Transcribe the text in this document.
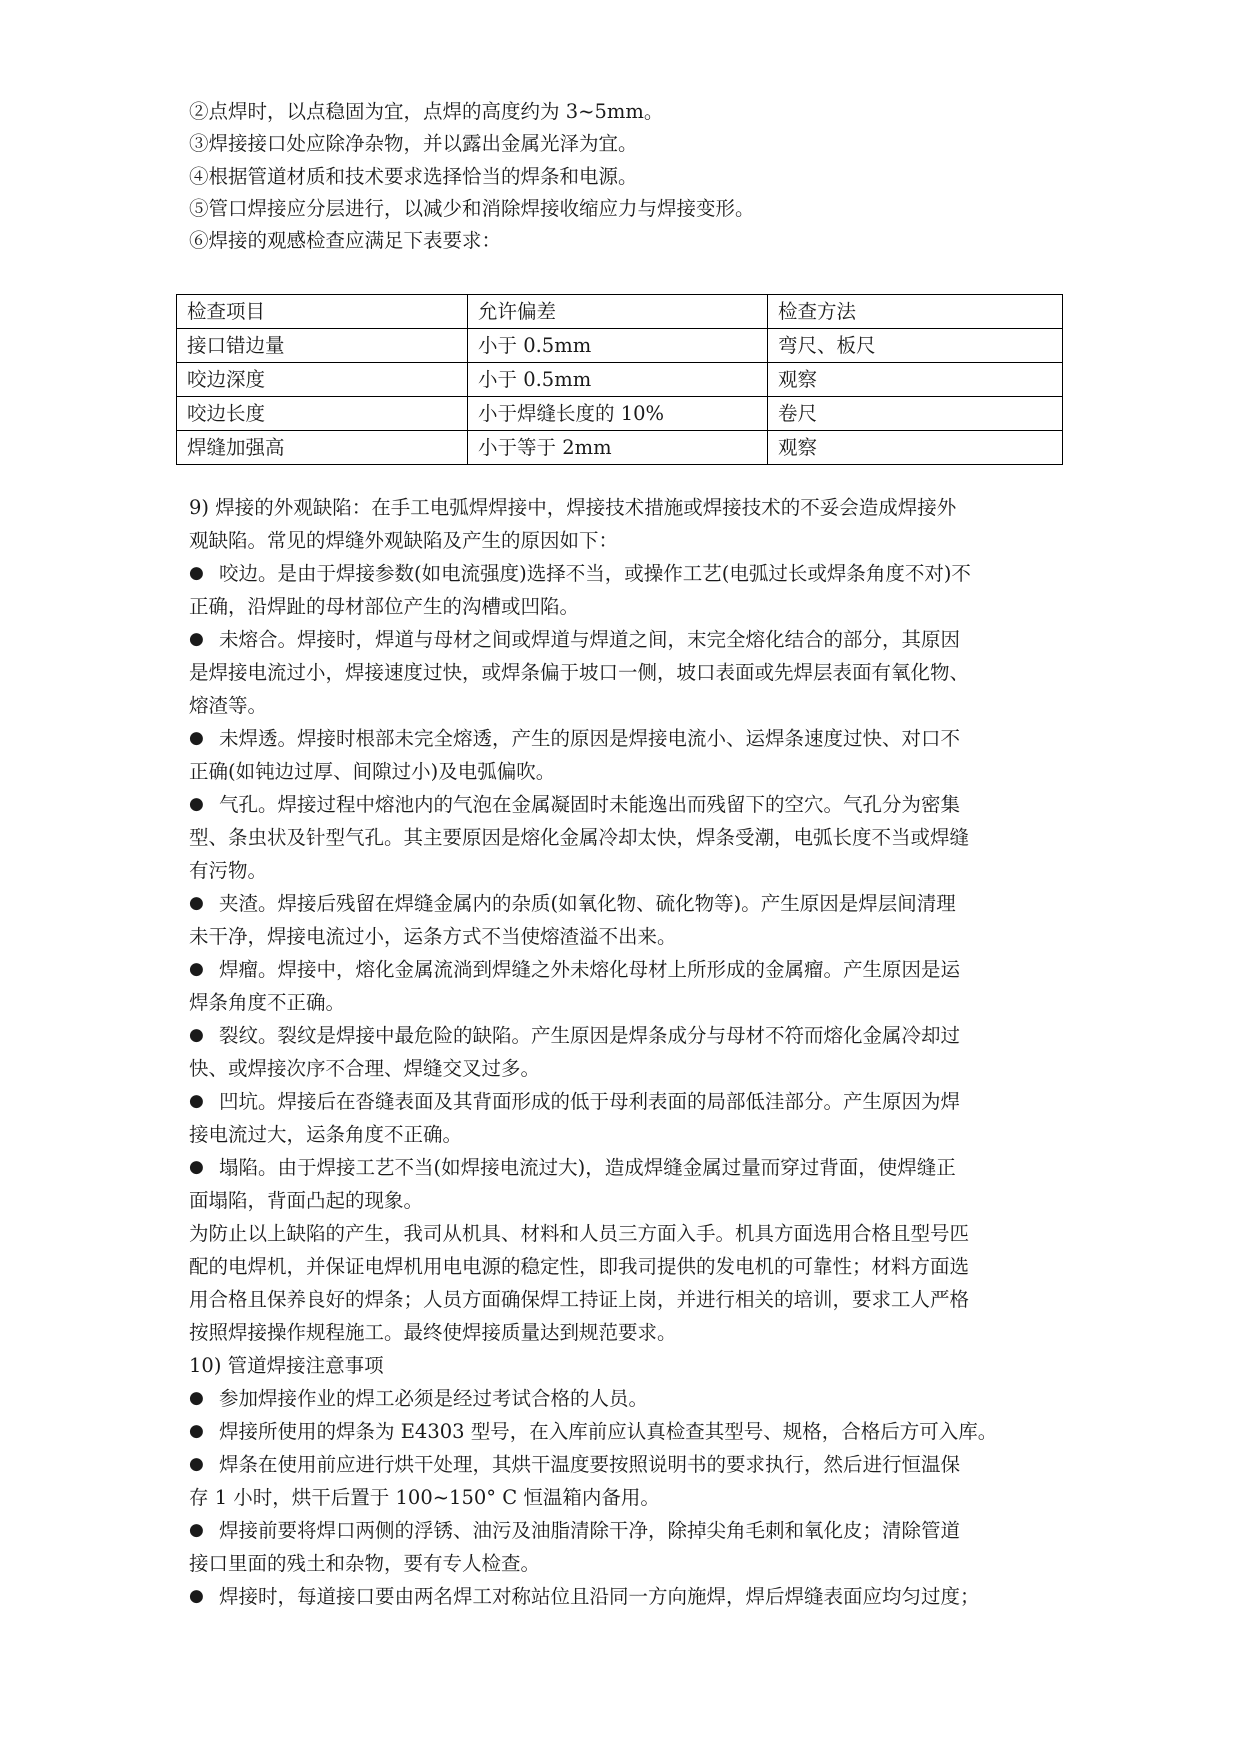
②点焊时，以点稳固为宜，点焊的高度约为 3~5mm。
③焊接接口处应除净杂物，并以露出金属光泽为宜。
④根据管道材质和技术要求选择恰当的焊条和电源。
⑤管口焊接应分层进行，以减少和消除焊接收缩应力与焊接变形。
⑥焊接的观感检查应满足下表要求：
检查项目	允许偏差	检查方法
接口错边量	小于 0.5mm	弯尺、板尺
咬边深度	小于 0.5mm	观察
咬边长度	小于焊缝长度的 10%	卷尺
焊缝加强高	小于等于 2mm	观察
9) 焊接的外观缺陷：在手工电弧焊焊接中，焊接技术措施或焊接技术的不妥会造成焊接外
观缺陷。常见的焊缝外观缺陷及产生的原因如下：
● 咬边。是由于焊接参数(如电流强度)选择不当，或操作工艺(电弧过长或焊条角度不对)不
正确，沿焊趾的母材部位产生的沟槽或凹陷。
● 未熔合。焊接时，焊道与母材之间或焊道与焊道之间，末完全熔化结合的部分，其原因
是焊接电流过小，焊接速度过快，或焊条偏于坡口一侧，坡口表面或先焊层表面有氧化物、
熔渣等。
● 未焊透。焊接时根部未完全熔透，产生的原因是焊接电流小、运焊条速度过快、对口不
正确(如钝边过厚、间隙过小)及电弧偏吹。
● 气孔。焊接过程中熔池内的气泡在金属凝固时未能逸出而残留下的空穴。气孔分为密集
型、条虫状及针型气孔。其主要原因是熔化金属冷却太快，焊条受潮，电弧长度不当或焊缝
有污物。
● 夹渣。焊接后残留在焊缝金属内的杂质(如氧化物、硫化物等)。产生原因是焊层间清理
未干净，焊接电流过小，运条方式不当使熔渣溢不出来。
● 焊瘤。焊接中，熔化金属流淌到焊缝之外未熔化母材上所形成的金属瘤。产生原因是运
焊条角度不正确。
● 裂纹。裂纹是焊接中最危险的缺陷。产生原因是焊条成分与母材不符而熔化金属冷却过
快、或焊接次序不合理、焊缝交叉过多。
● 凹坑。焊接后在沓缝表面及其背面形成的低于母利表面的局部低洼部分。产生原因为焊
接电流过大，运条角度不正确。
● 塌陷。由于焊接工艺不当(如焊接电流过大)，造成焊缝金属过量而穿过背面，使焊缝正
面塌陷，背面凸起的现象。
为防止以上缺陷的产生，我司从机具、材料和人员三方面入手。机具方面选用合格且型号匹
配的电焊机，并保证电焊机用电电源的稳定性，即我司提供的发电机的可靠性；材料方面选
用合格且保养良好的焊条；人员方面确保焊工持证上岗，并进行相关的培训，要求工人严格
按照焊接操作规程施工。最终使焊接质量达到规范要求。
10) 管道焊接注意事项
● 参加焊接作业的焊工必须是经过考试合格的人员。
● 焊接所使用的焊条为 E4303 型号，在入库前应认真检查其型号、规格，合格后方可入库。
● 焊条在使用前应进行烘干处理，其烘干温度要按照说明书的要求执行，然后进行恒温保
存 1 小时，烘干后置于 100~150° C 恒温箱内备用。
● 焊接前要将焊口两侧的浮锈、油污及油脂清除干净，除掉尖角毛刺和氧化皮；清除管道
接口里面的残土和杂物，要有专人检查。
● 焊接时，每道接口要由两名焊工对称站位且沿同一方向施焊，焊后焊缝表面应均匀过度；
